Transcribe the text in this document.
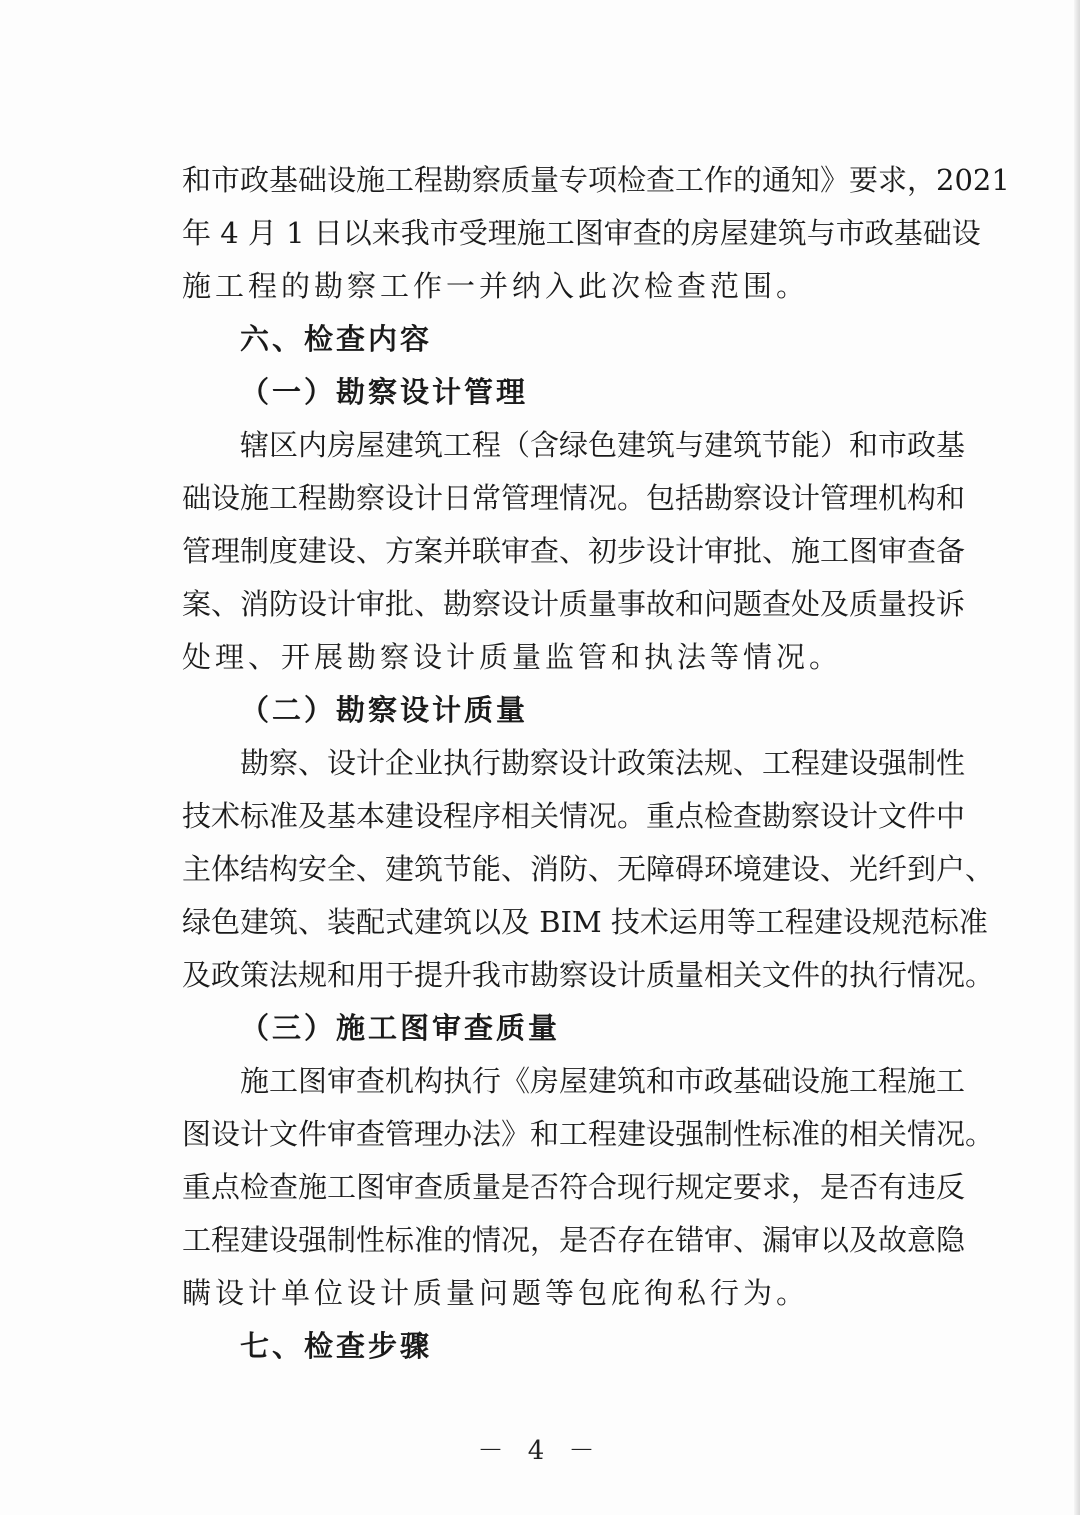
和市政基础设施工程勘察质量专项检查工作的通知》要求，2021
年 4 月 1 日以来我市受理施工图审查的房屋建筑与市政基础设
施工程的勘察工作一并纳入此次检查范围。
六、检查内容
（一）勘察设计管理
辖区内房屋建筑工程（含绿色建筑与建筑节能）和市政基
础设施工程勘察设计日常管理情况。包括勘察设计管理机构和
管理制度建设、方案并联审查、初步设计审批、施工图审查备
案、消防设计审批、勘察设计质量事故和问题查处及质量投诉
处理、开展勘察设计质量监管和执法等情况。
（二）勘察设计质量
勘察、设计企业执行勘察设计政策法规、工程建设强制性
技术标准及基本建设程序相关情况。重点检查勘察设计文件中
主体结构安全、建筑节能、消防、无障碍环境建设、光纤到户、
绿色建筑、装配式建筑以及 BIM 技术运用等工程建设规范标准
及政策法规和用于提升我市勘察设计质量相关文件的执行情况。
（三）施工图审查质量
施工图审查机构执行《房屋建筑和市政基础设施工程施工
图设计文件审查管理办法》和工程建设强制性标准的相关情况。
重点检查施工图审查质量是否符合现行规定要求，是否有违反
工程建设强制性标准的情况，是否存在错审、漏审以及故意隐
瞒设计单位设计质量问题等包庇徇私行为。
七、检查步骤
－ 4 －
